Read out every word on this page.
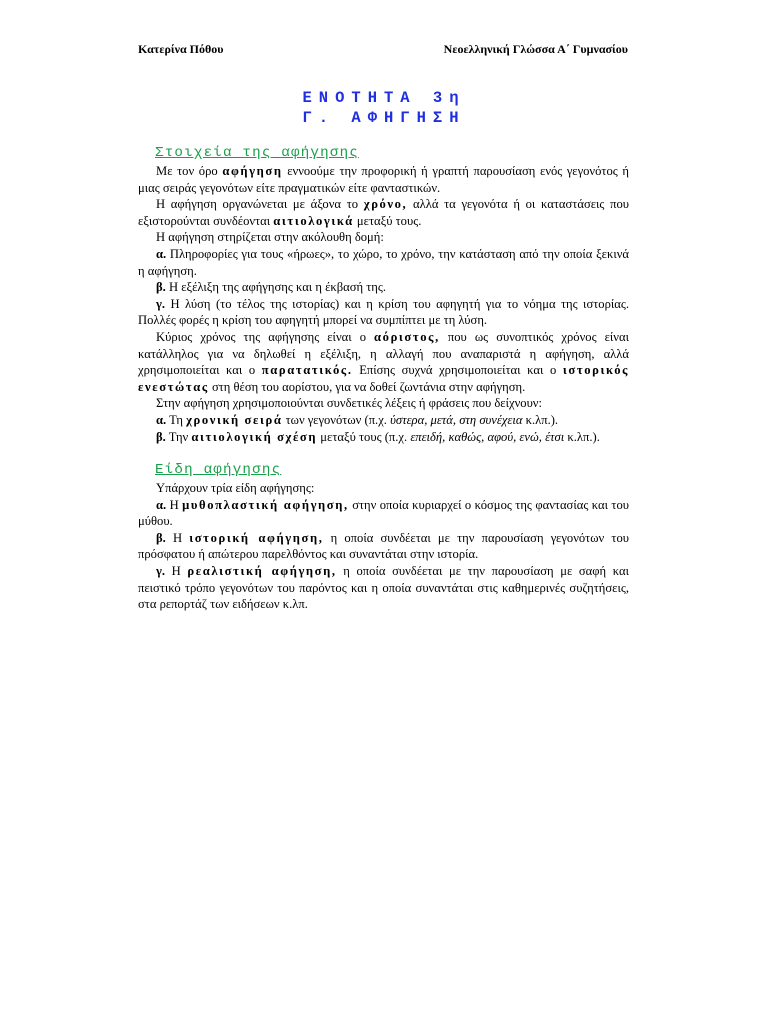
Κατερίνα Πόθου	Νεοελληνική Γλώσσα Α΄ Γυμνασίου
ΕΝΟΤΗΤΑ 3η
Γ. ΑΦΗΓΗΣΗ
Στοιχεία της αφήγησης

Με τον όρο αφήγηση εννοούμε την προφορική ή γραπτή παρουσίαση ενός γεγονότος ή μιας σειράς γεγονότων είτε πραγματικών είτε φανταστικών.

Η αφήγηση οργανώνεται με άξονα το χρόνο, αλλά τα γεγονότα ή οι καταστάσεις που εξιστορούνται συνδέονται αιτιολογικά μεταξύ τους.

Η αφήγηση στηρίζεται στην ακόλουθη δομή:

α. Πληροφορίες για τους «ήρωες», το χώρο, το χρόνο, την κατάσταση από την οποία ξεκινά η αφήγηση.

β. Η εξέλιξη της αφήγησης και η έκβασή της.

γ. Η λύση (το τέλος της ιστορίας) και η κρίση του αφηγητή για το νόημα της ιστορίας. Πολλές φορές η κρίση του αφηγητή μπορεί να συμπίπτει με τη λύση.

Κύριος χρόνος της αφήγησης είναι ο αόριστος, που ως συνοπτικός χρόνος είναι κατάλληλος για να δηλωθεί η εξέλιξη, η αλλαγή που αναπαριστά η αφήγηση, αλλά χρησιμοποιείται και ο παρατατικός. Επίσης συχνά χρησιμοποιείται και ο ιστορικός ενεστώτας στη θέση του αορίστου, για να δοθεί ζωντάνια στην αφήγηση.

Στην αφήγηση χρησιμοποιούνται συνδετικές λέξεις ή φράσεις που δείχνουν:

α. Τη χρονική σειρά των γεγονότων (π.χ. ύστερα, μετά, στη συνέχεια κ.λπ.).

β. Την αιτιολογική σχέση μεταξύ τους (π.χ. επειδή, καθώς, αφού, ενώ, έτσι κ.λπ.).

Είδη αφήγησης

Υπάρχουν τρία είδη αφήγησης:

α. Η μυθοπλαστική αφήγηση, στην οποία κυριαρχεί ο κόσμος της φαντασίας και του μύθου.

β. Η ιστορική αφήγηση, η οποία συνδέεται με την παρουσίαση γεγονότων του πρόσφατου ή απώτερου παρελθόντος και συναντάται στην ιστορία.

γ. Η ρεαλιστική αφήγηση, η οποία συνδέεται με την παρουσίαση με σαφή και πειστικό τρόπο γεγονότων του παρόντος και η οποία συναντάται στις καθημερινές συζητήσεις, στα ρεπορτάζ των ειδήσεων κ.λπ.
